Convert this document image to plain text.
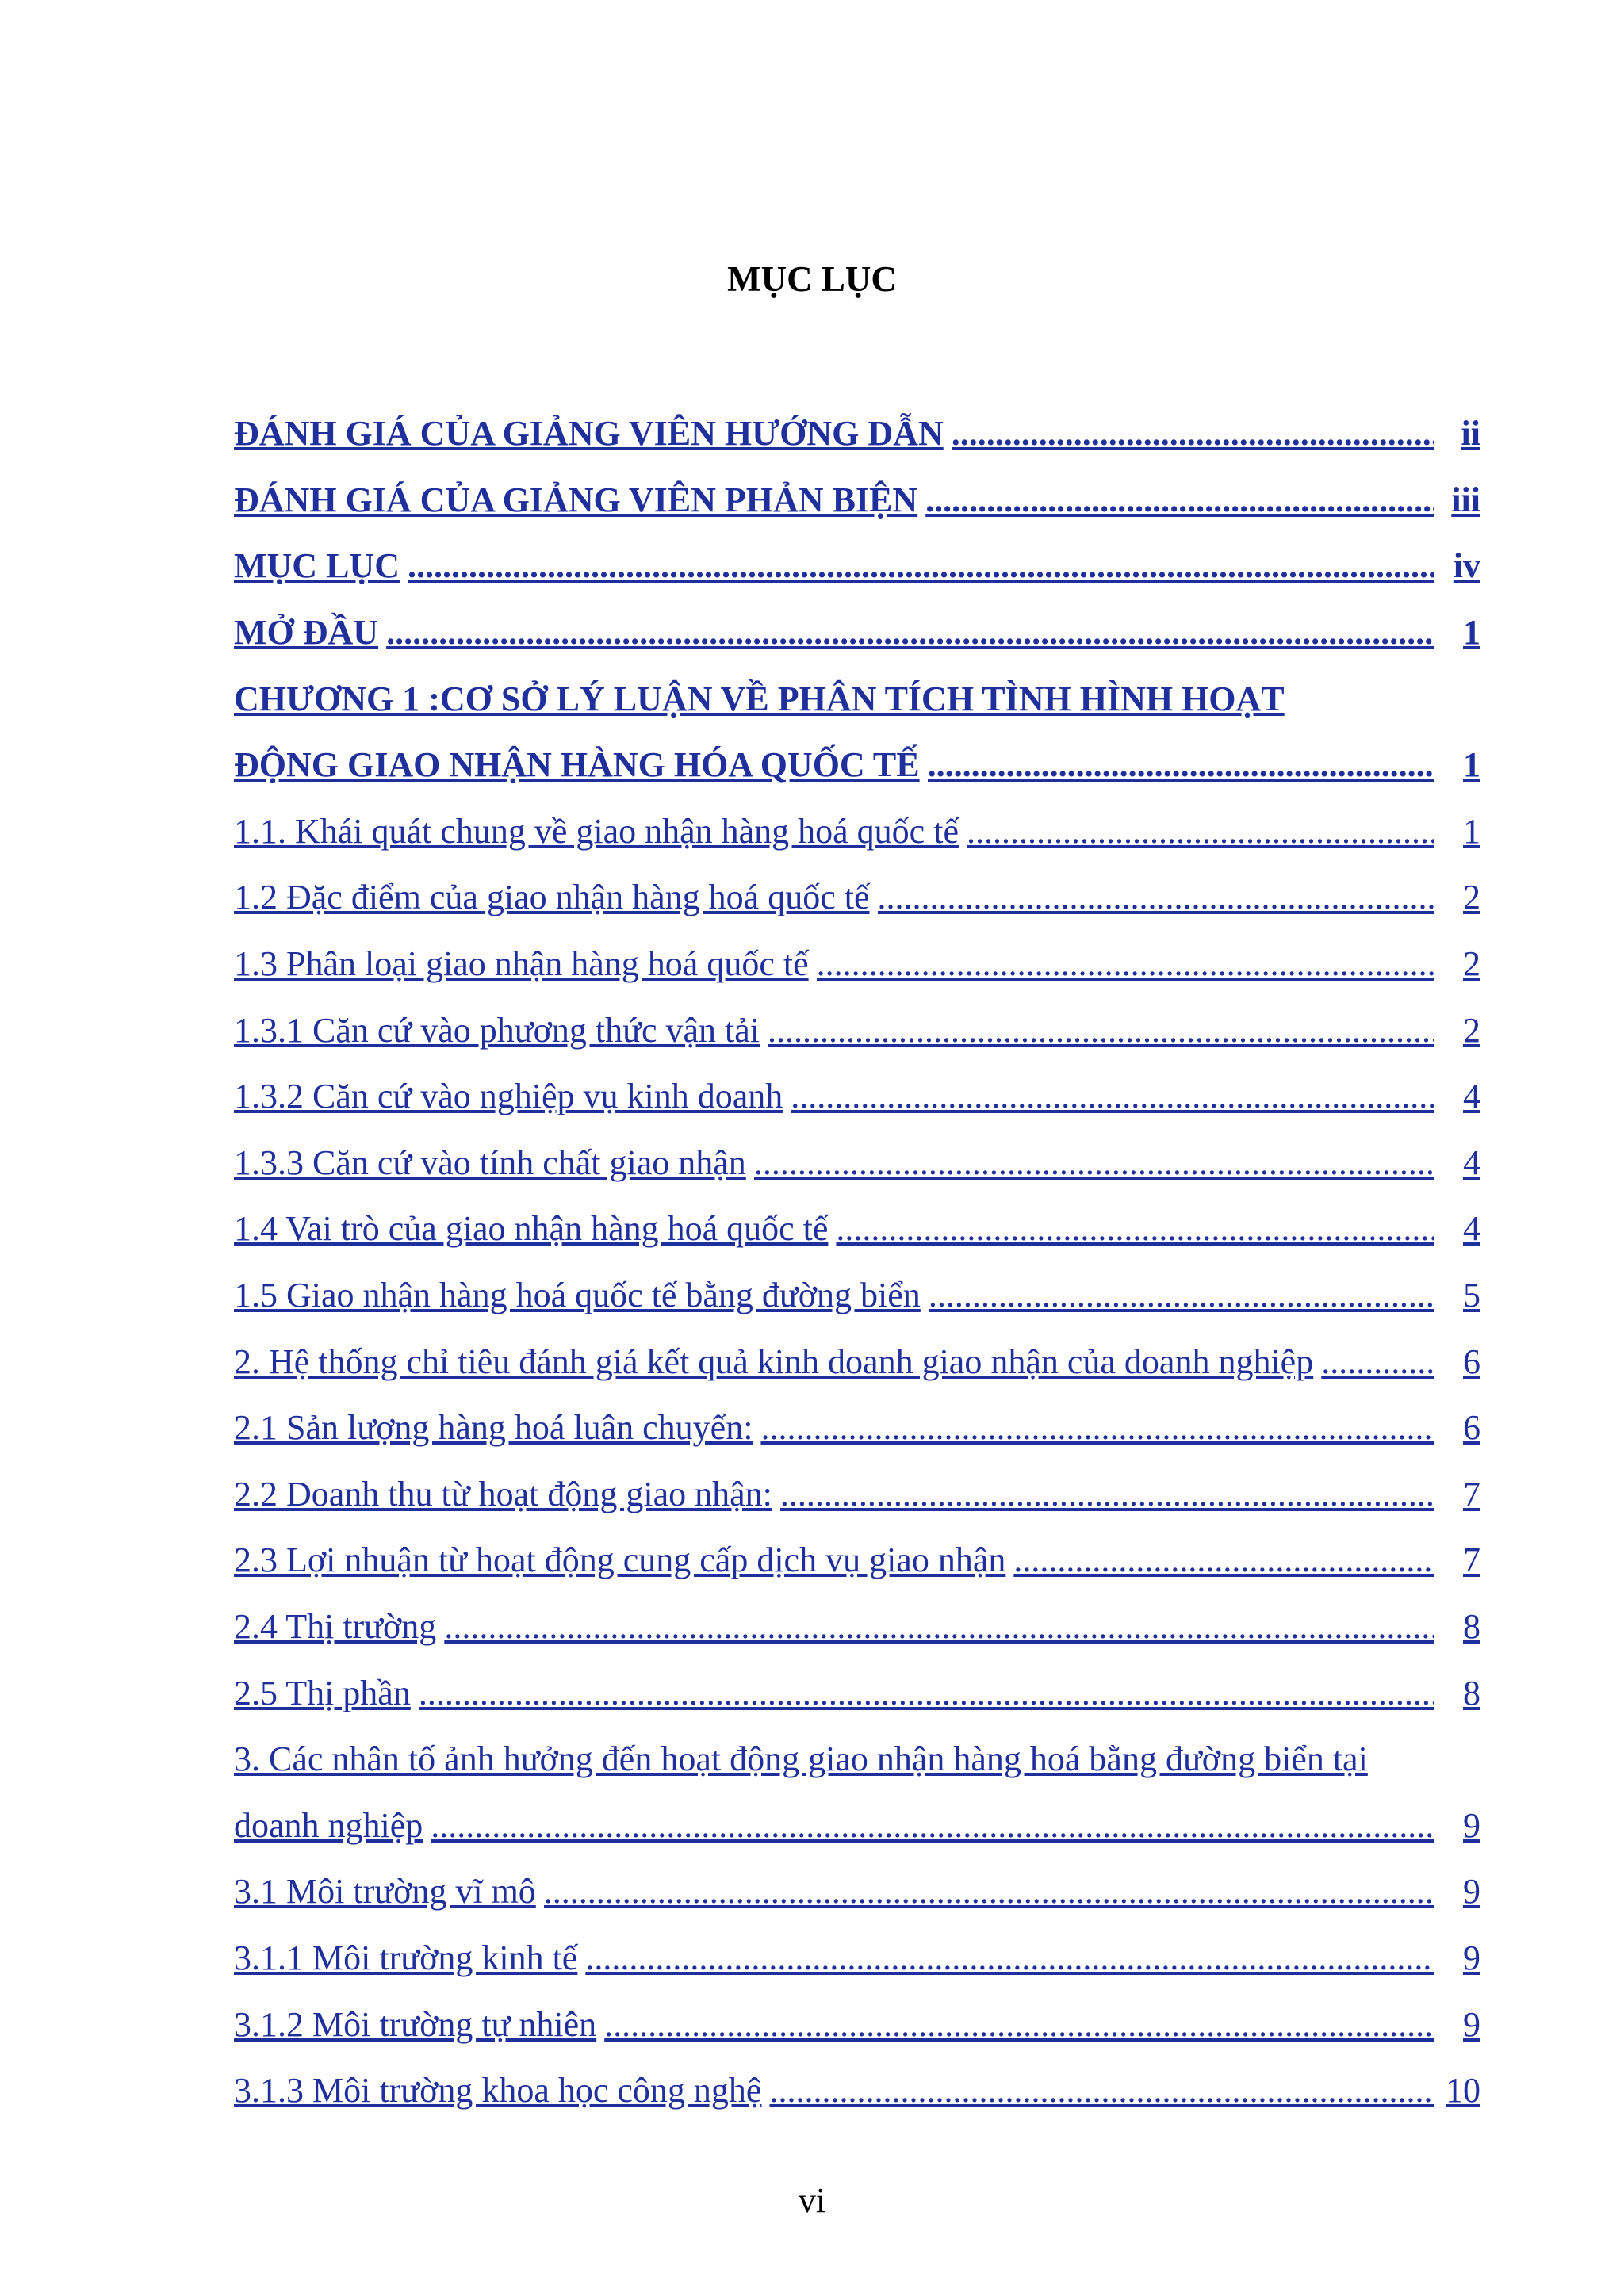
MỤC LỤC
ĐÁNH GIÁ CỦA GIẢNG VIÊN HƯỚNG DẪN .....	ii
ĐÁNH GIÁ CỦA GIẢNG VIÊN PHẢN BIỆN .....	iii
MỤC LỤC .....	iv
MỞ ĐẦU .....	1
CHƯƠNG 1 :CƠ SỞ LÝ LUẬN VỀ PHÂN TÍCH TÌNH HÌNH HOẠT
ĐỘNG GIAO NHẬN HÀNG HÓA QUỐC TẾ .....	1
1.1. Khái quát chung về giao nhận hàng hoá quốc tế .....	1
1.2 Đặc điểm của giao nhận hàng hoá quốc tế .....	2
1.3 Phân loại giao nhận hàng hoá quốc tế .....	2
1.3.1 Căn cứ vào phương thức vận tải .....	2
1.3.2 Căn cứ vào nghiệp vụ kinh doanh .....	4
1.3.3 Căn cứ vào tính chất giao nhận .....	4
1.4 Vai trò của giao nhận hàng hoá quốc tế .....	4
1.5 Giao nhận hàng hoá quốc tế bằng đường biển .....	5
2. Hệ thống chỉ tiêu đánh giá kết quả kinh doanh giao nhận của doanh nghiệp .....	6
2.1 Sản lượng hàng hoá luân chuyển: .....	6
2.2 Doanh thu từ hoạt động giao nhận: .....	7
2.3 Lợi nhuận từ hoạt động cung cấp dịch vụ giao nhận .....	7
2.4 Thị trường .....	8
2.5 Thị phần .....	8
3. Các nhân tố ảnh hưởng đến hoạt động giao nhận hàng hoá bằng đường biển tại
doanh nghiệp .....	9
3.1 Môi trường vĩ mô .....	9
3.1.1 Môi trường kinh tế .....	9
3.1.2 Môi trường tự nhiên .....	9
3.1.3 Môi trường khoa học công nghệ .....	10
vi
